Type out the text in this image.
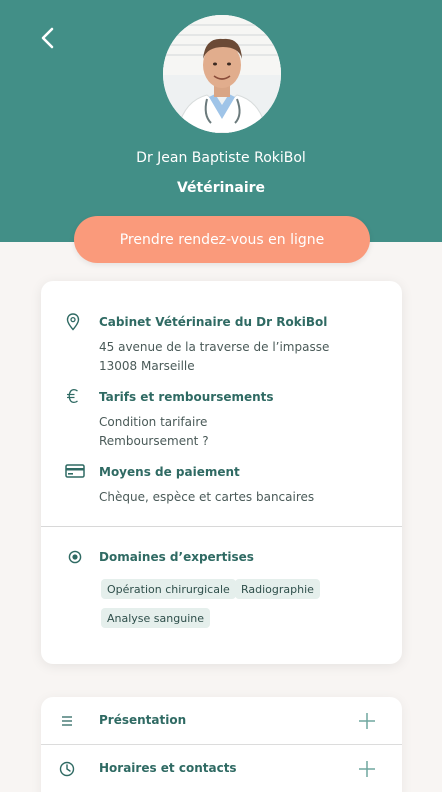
Dr Jean Baptiste RokiBol
Vétérinaire
Prendre rendez-vous en ligne
Cabinet Vétérinaire du Dr RokiBol
45 avenue de la traverse de l’impasse
13008 Marseille
Tarifs et remboursements
Condition tarifaire
Remboursement ?
Moyens de paiement
Chèque, espèce et cartes bancaires
Domaines d’expertises
Opération chirurgicale	Radiographie
Analyse sanguine
Présentation
Horaires et contacts
